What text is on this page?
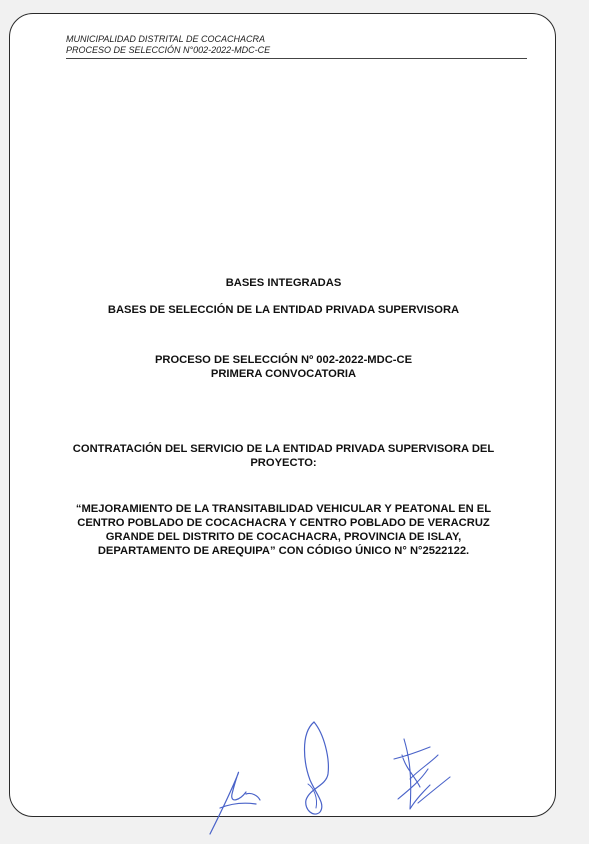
MUNICIPALIDAD DISTRITAL DE COCACHACRA
PROCESO DE SELECCIÓN N°002-2022-MDC-CE
BASES INTEGRADAS
BASES DE SELECCIÓN DE LA ENTIDAD PRIVADA SUPERVISORA
PROCESO DE SELECCIÓN Nº 002-2022-MDC-CE
PRIMERA CONVOCATORIA
CONTRATACIÓN DEL SERVICIO DE LA ENTIDAD PRIVADA SUPERVISORA DEL
PROYECTO:
“MEJORAMIENTO DE LA TRANSITABILIDAD VEHICULAR Y PEATONAL EN EL
CENTRO POBLADO DE COCACHACRA Y CENTRO POBLADO DE VERACRUZ
GRANDE DEL DISTRITO DE COCACHACRA, PROVINCIA DE ISLAY,
DEPARTAMENTO DE AREQUIPA” CON CÓDIGO ÚNICO N° N°2522122.
